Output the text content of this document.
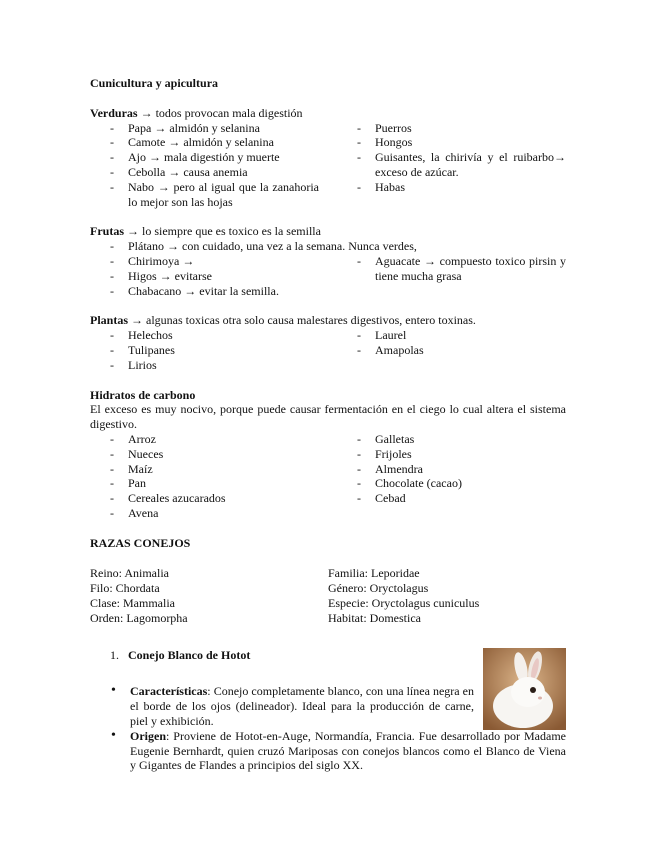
Cunicultura y apicultura
Verduras → todos provocan mala digestión
- Papa → almidón y selanina
- Camote → almidón y selanina
- Ajo → mala digestión y muerte
- Cebolla → causa anemia
- Nabo → pero al igual que la zanahoria lo mejor son las hojas
- Puerros
- Hongos
- Guisantes, la chirivía y el ruibarbo→ exceso de azúcar.
- Habas
Frutas → lo siempre que es toxico es la semilla
- Plátano → con cuidado, una vez a la semana. Nunca verdes,
- Chirimoya →
- Higos → evitarse
- Chabacano → evitar la semilla.
- Aguacate → compuesto toxico pirsin y tiene mucha grasa
Plantas → algunas toxicas otra solo causa malestares digestivos, entero toxinas.
- Helechos
- Tulipanes
- Lirios
- Laurel
- Amapolas
Hidratos de carbono
El exceso es muy nocivo, porque puede causar fermentación en el ciego lo cual altera el sistema digestivo.
- Arroz
- Nueces
- Maíz
- Pan
- Cereales azucarados
- Avena
- Galletas
- Frijoles
- Almendra
- Chocolate (cacao)
- Cebad
RAZAS CONEJOS
Reino: Animalia
Filo: Chordata
Clase: Mammalia
Orden: Lagomorpha
Familia: Leporidae
Género: Oryctolagus
Especie: Oryctolagus cuniculus
Habitat: Domestica
1. Conejo Blanco de Hotot
• Características: Conejo completamente blanco, con una línea negra en el borde de los ojos (delineador). Ideal para la producción de carne, piel y exhibición.
• Origen: Proviene de Hotot-en-Auge, Normandía, Francia. Fue desarrollado por Madame Eugenie Bernhardt, quien cruzó Mariposas con conejos blancos como el Blanco de Viena y Gigantes de Flandes a principios del siglo XX.
